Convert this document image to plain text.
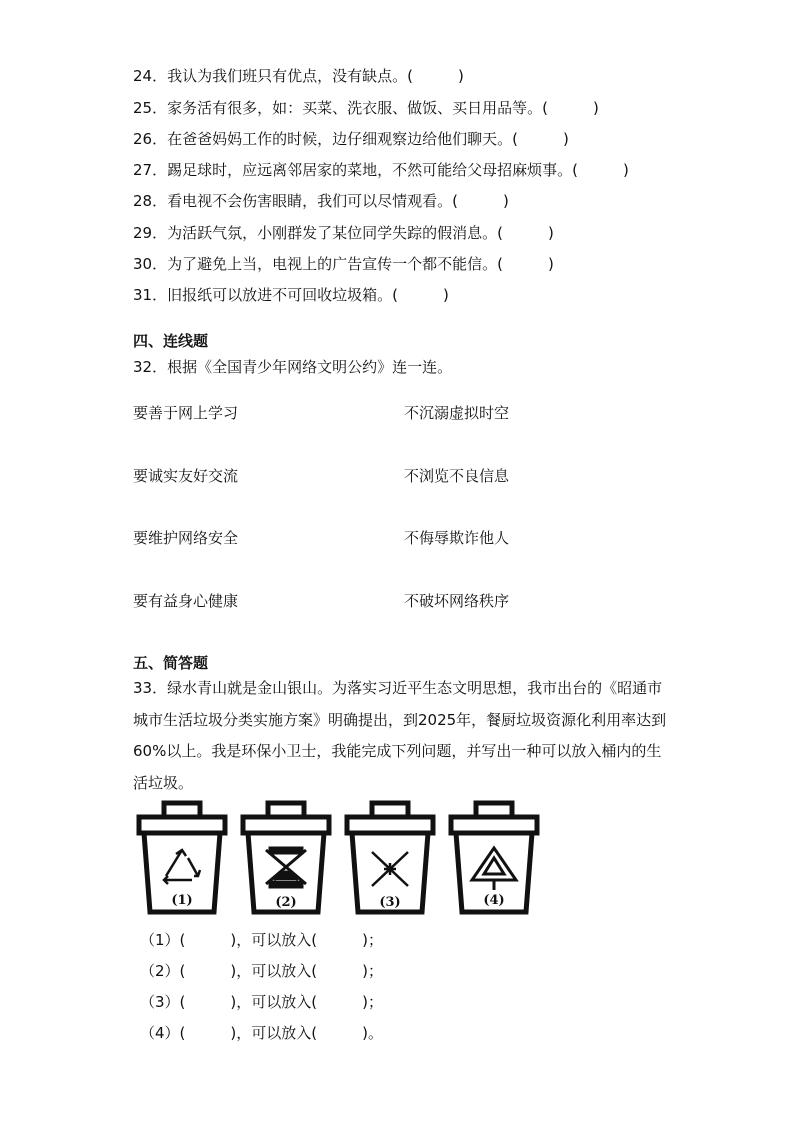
24．我认为我们班只有优点，没有缺点。(　　　)
25．家务活有很多，如：买菜、洗衣服、做饭、买日用品等。(　　　)
26．在爸爸妈妈工作的时候，边仔细观察边给他们聊天。(　　　)
27．踢足球时，应远离邻居家的菜地，不然可能给父母招麻烦事。(　　　)
28．看电视不会伤害眼睛，我们可以尽情观看。(　　　)
29．为活跃气氛，小刚群发了某位同学失踪的假消息。(　　　)
30．为了避免上当，电视上的广告宣传一个都不能信。(　　　)
31．旧报纸可以放进不可回收垃圾箱。(　　　)
四、连线题
32．根据《全国青少年网络文明公约》连一连。
要善于网上学习	不沉溺虚拟时空
要诚实友好交流	不浏览不良信息
要维护网络安全	不侮辱欺诈他人
要有益身心健康	不破坏网络秩序
五、简答题
33．绿水青山就是金山银山。为落实习近平生态文明思想，我市出台的《昭通市城市生活垃圾分类实施方案》明确提出，到2025年，餐厨垃圾资源化利用率达到60%以上。我是环保小卫士，我能完成下列问题，并写出一种可以放入桶内的生活垃圾。
(1)	(2)	(3)	(4)
（1）(　　　)，可以放入(　　　)；
（2）(　　　)，可以放入(　　　)；
（3）(　　　)，可以放入(　　　)；
（4）(　　　)，可以放入(　　　)。
